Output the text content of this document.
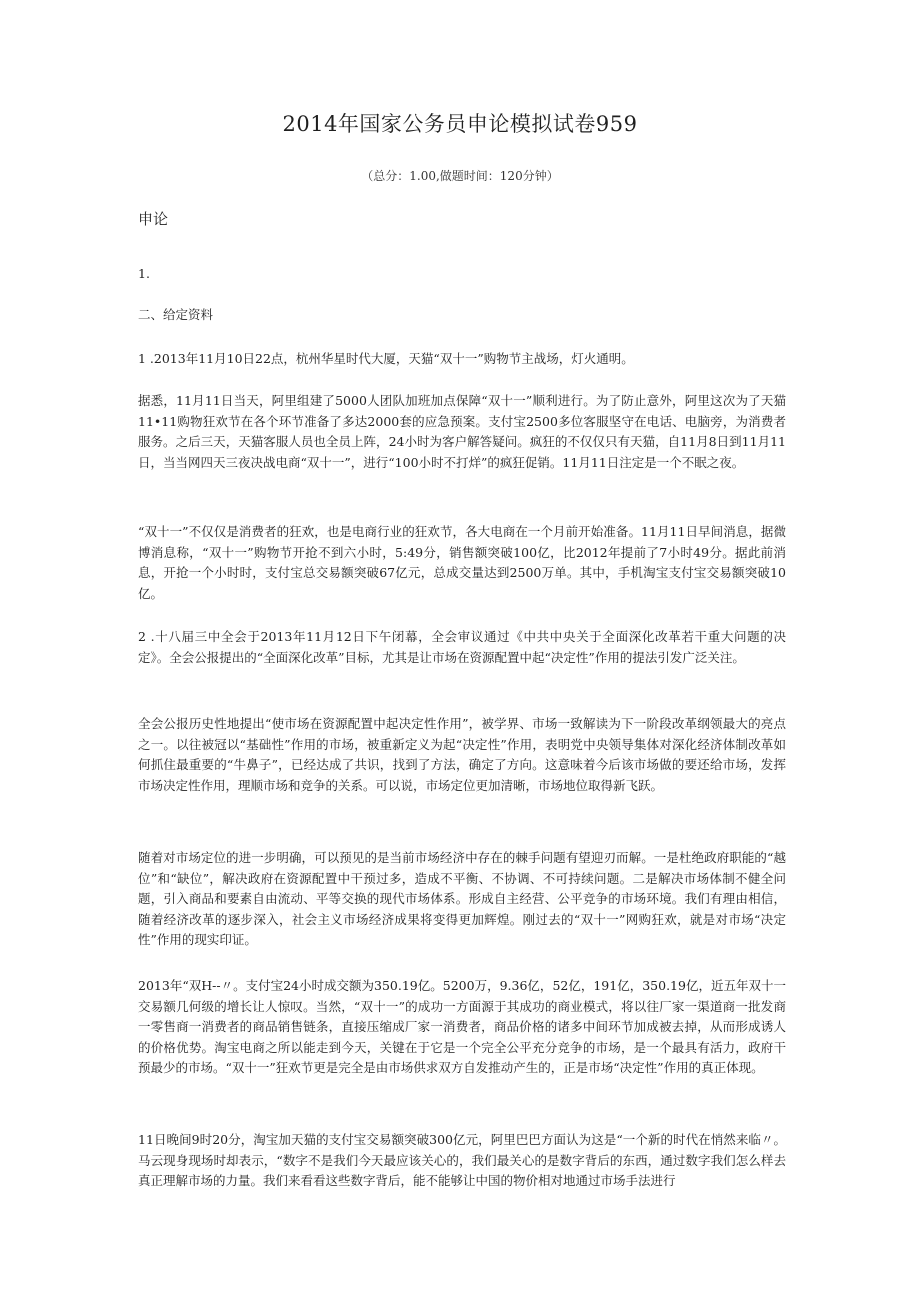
2014年国家公务员申论模拟试卷959
（总分：1.00,做题时间：120分钟）
申论
1.
二、给定资料
1 .2013年11月10日22点，杭州华星时代大厦，天猫“双十一”购物节主战场，灯火通明。
据悉，11月11日当天，阿里组建了5000人团队加班加点保障“双十一”顺利进行。为了防止意外，阿里这次为了天猫11•11购物狂欢节在各个环节准备了多达2000套的应急预案。支付宝2500多位客服坚守在电话、电脑旁，为消费者服务。之后三天，天猫客服人员也全员上阵，24小时为客户解答疑问。疯狂的不仅仅只有天猫，自11月8日到11月11日，当当网四天三夜决战电商“双十一”，进行“100小时不打烊”的疯狂促销。11月11日注定是一个不眠之夜。
“双十一”不仅仅是消费者的狂欢，也是电商行业的狂欢节，各大电商在一个月前开始准备。11月11日早间消息，据微博消息称，“双十一”购物节开抢不到六小时，5:49分，销售额突破100亿，比2012年提前了7小时49分。据此前消息，开抢一个小时时，支付宝总交易额突破67亿元，总成交量达到2500万单。其中，手机淘宝支付宝交易额突破10亿。
2 .十八届三中全会于2013年11月12日下午闭幕，全会审议通过《中共中央关于全面深化改革若干重大问题的决定》。全会公报提出的“全面深化改革”目标，尤其是让市场在资源配置中起“决定性”作用的提法引发广泛关注。
全会公报历史性地提出“使市场在资源配置中起决定性作用”，被学界、市场一致解读为下一阶段改革纲领最大的亮点之一。以往被冠以“基础性”作用的市场，被重新定义为起“决定性”作用，表明党中央领导集体对深化经济体制改革如何抓住最重要的“牛鼻子”，已经达成了共识，找到了方法，确定了方向。这意味着今后该市场做的要还给市场，发挥市场决定性作用，理顺市场和竞争的关系。可以说，市场定位更加清晰，市场地位取得新飞跃。
随着对市场定位的进一步明确，可以预见的是当前市场经济中存在的棘手问题有望迎刃而解。一是杜绝政府职能的“越位”和“缺位”，解决政府在资源配置中干预过多，造成不平衡、不协调、不可持续问题。二是解决市场体制不健全问题，引入商品和要素自由流动、平等交换的现代市场体系。形成自主经营、公平竞争的市场环境。我们有理由相信，随着经济改革的逐步深入，社会主义市场经济成果将变得更加辉煌。刚过去的“双十一”网购狂欢，就是对市场“决定性”作用的现实印证。
2013年“双H--〃。支付宝24小时成交额为350.19亿。5200万，9.36亿，52亿，191亿，350.19亿，近五年双十一交易额几何级的增长让人惊叹。当然，“双十一”的成功一方面源于其成功的商业模式，将以往厂家一渠道商一批发商一零售商一消费者的商品销售链条，直接压缩成厂家一消费者，商品价格的诸多中间环节加成被去掉，从而形成诱人的价格优势。淘宝电商之所以能走到今天，关键在于它是一个完全公平充分竞争的市场，是一个最具有活力，政府干预最少的市场。“双十一”狂欢节更是完全是由市场供求双方自发推动产生的，正是市场“决定性”作用的真正体现。
11日晚间9时20分，淘宝加天猫的支付宝交易额突破300亿元，阿里巴巴方面认为这是“一个新的时代在悄然来临〃。马云现身现场时却表示，“数字不是我们今天最应该关心的，我们最关心的是数字背后的东西，通过数字我们怎么样去真正理解市场的力量。我们来看看这些数字背后，能不能够让中国的物价相对地通过市场手法进行
